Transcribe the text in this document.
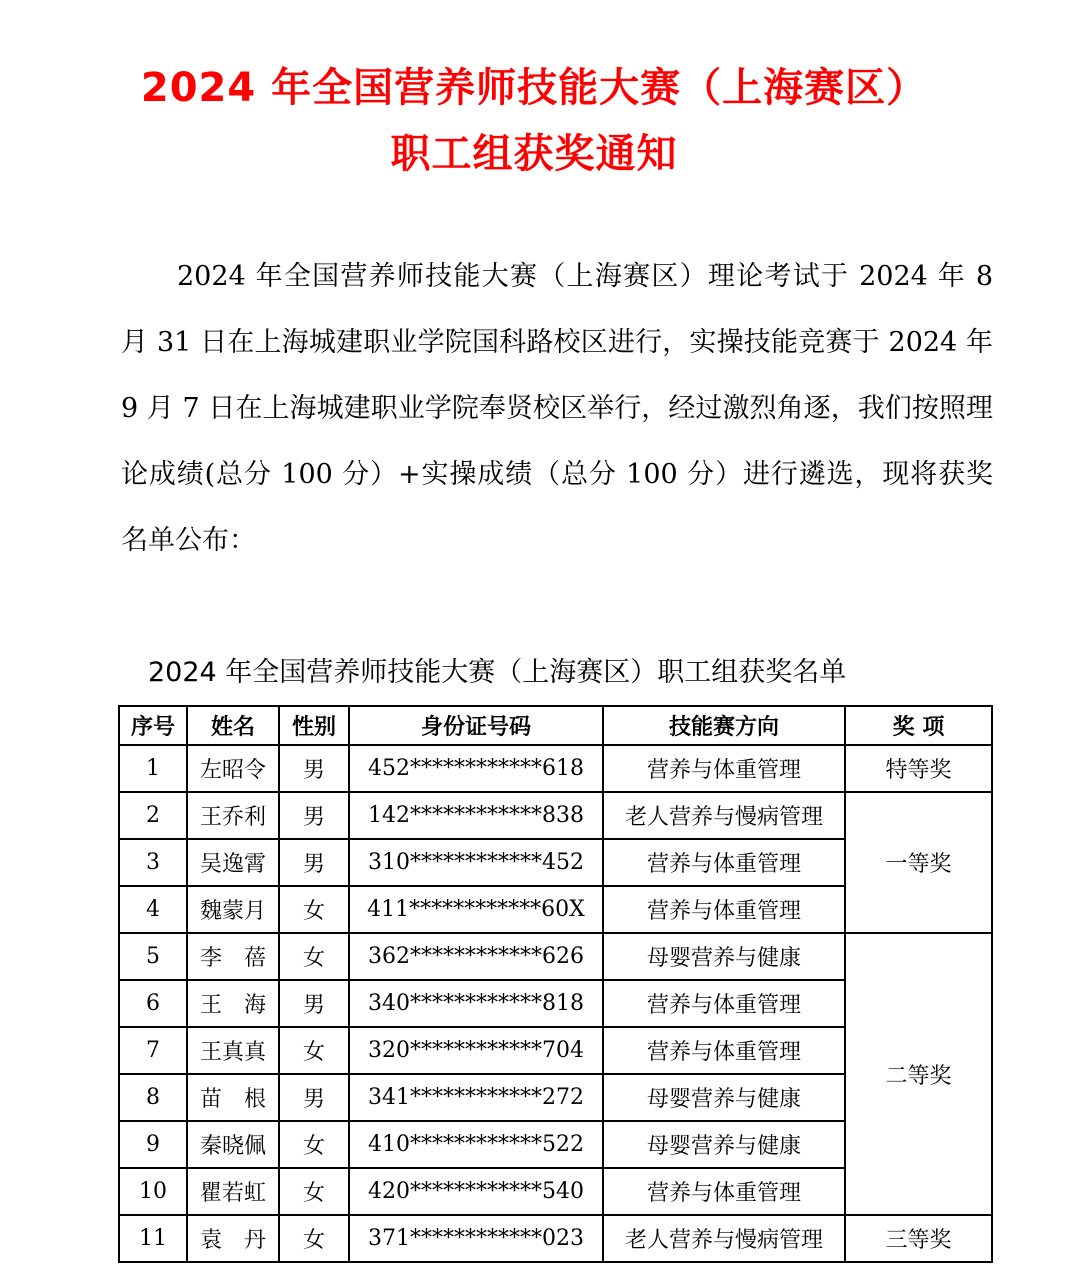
2024 年全国营养师技能大赛（上海赛区）
职工组获奖通知

2024 年全国营养师技能大赛（上海赛区）理论考试于 2024 年 8 月 31 日在上海城建职业学院国科路校区进行，实操技能竞赛于 2024 年 9 月 7 日在上海城建职业学院奉贤校区举行，经过激烈角逐，我们按照理论成绩(总分 100 分）+实操成绩（总分 100 分）进行遴选，现将获奖名单公布：

2024 年全国营养师技能大赛（上海赛区）职工组获奖名单

序号	姓名	性别	身份证号码	技能赛方向	奖 项
1	左昭令	男	452************618	营养与体重管理	特等奖
2	王乔利	男	142************838	老人营养与慢病管理	一等奖
3	吴逸霄	男	310************452	营养与体重管理	
4	魏蒙月	女	411************60X	营养与体重管理	
5	李　蓓	女	362************626	母婴营养与健康	二等奖
6	王　海	男	340************818	营养与体重管理	
7	王真真	女	320************704	营养与体重管理	
8	苗　根	男	341************272	母婴营养与健康	
9	秦晓佩	女	410************522	母婴营养与健康	
10	瞿若虹	女	420************540	营养与体重管理	
11	袁　丹	女	371************023	老人营养与慢病管理	三等奖
